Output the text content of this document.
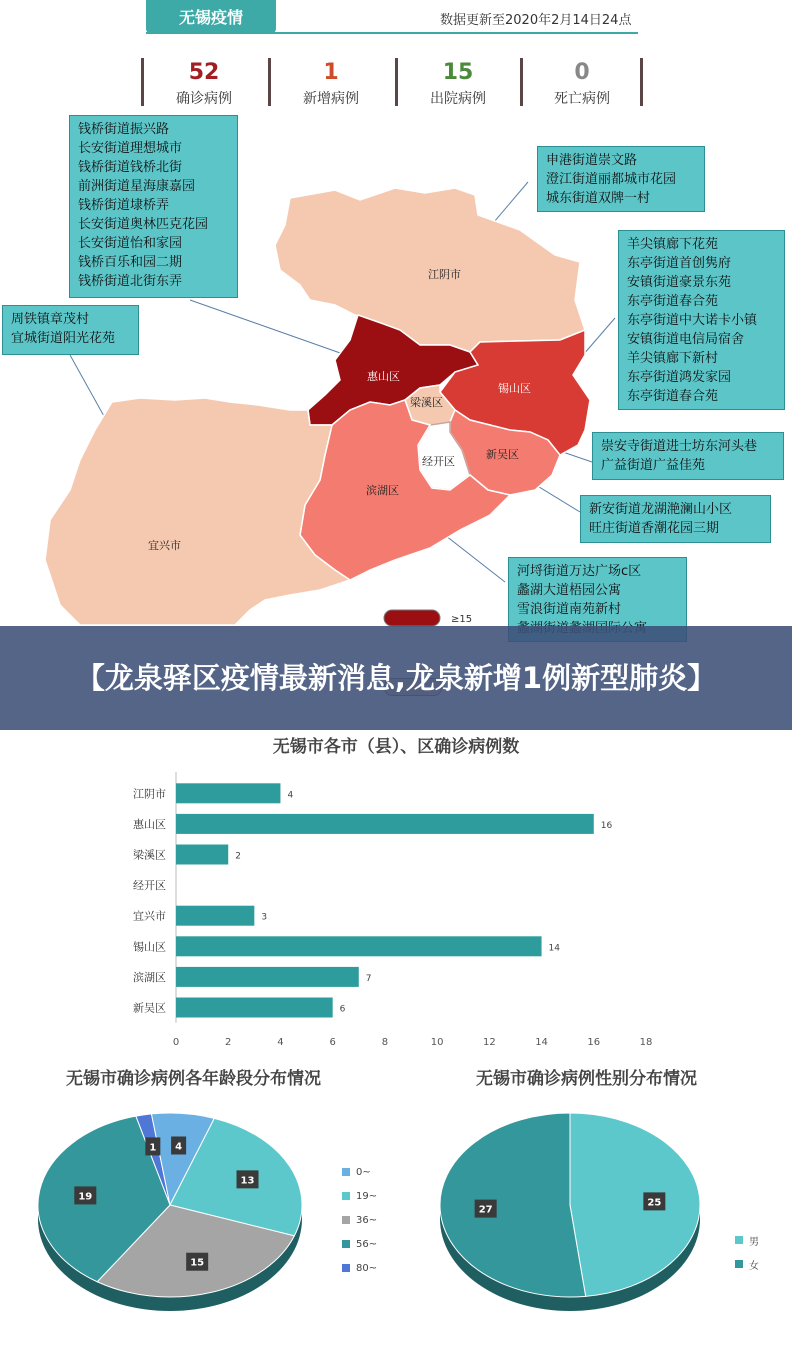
无锡疫情	数据更新至2020年2月14日24点
52
确诊病例
1
新增病例
15
出院病例
0
死亡病例
江阴市
惠山区
锡山区
梁溪区
经开区
新吴区
滨湖区
宜兴市
≥15
钱桥街道振兴路
长安街道理想城市
钱桥街道钱桥北街
前洲街道星海康嘉园
钱桥街道埭桥弄
长安街道奥林匹克花园
长安街道怡和家园
钱桥百乐和园二期
钱桥街道北街东弄
申港街道崇文路
澄江街道丽都城市花园
城东街道双牌一村
羊尖镇廊下花苑
东亭街道首创隽府
安镇街道豪景东苑
东亭街道春合苑
东亭街道中大诺卡小镇
安镇街道电信局宿舍
羊尖镇廊下新村
东亭街道鸿发家园
东亭街道春合苑
周铁镇章茂村
宜城街道阳光花苑
崇安寺街道进士坊东河头巷
广益街道广益佳苑
新安街道龙湖滟澜山小区
旺庄街道香潮花园三期
河埒街道万达广场c区
蠡湖大道梧园公寓
雪浪街道南苑新村
【龙泉驿区疫情最新消息,龙泉新增1例新型肺炎】
无锡市各市（县）、区确诊病例数
江阴市	4
惠山区	16
梁溪区	2
经开区
宜兴市	3
锡山区	14
滨湖区	7
新吴区	6
0	2	4	6	8	10	12	14	16	18
无锡市确诊病例各年龄段分布情况	无锡市确诊病例性别分布情况
1 4
13
15
19
25
27
0~
19~
36~
56~
80~
男
女
